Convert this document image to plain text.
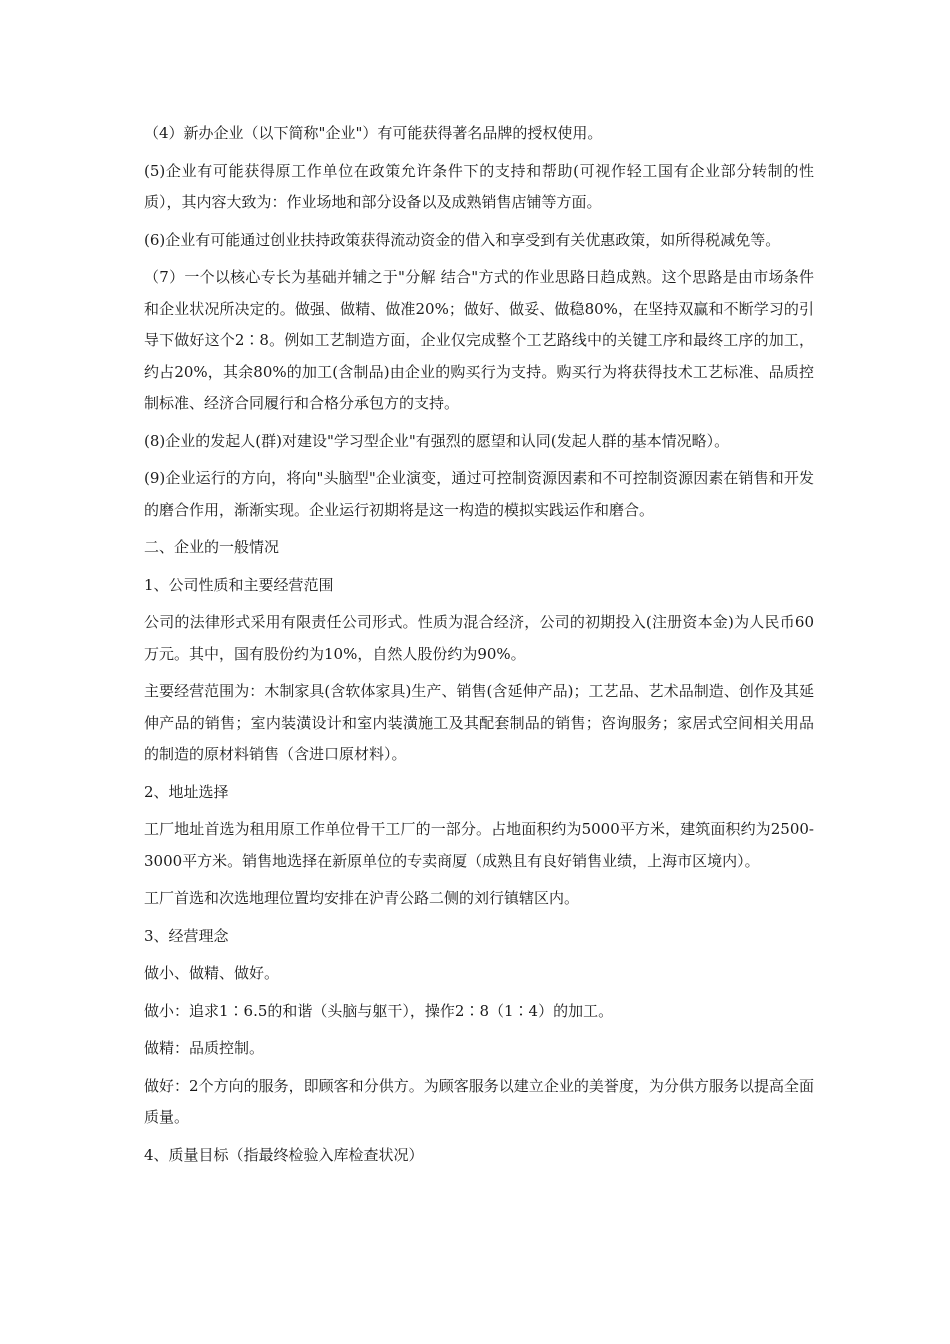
（4）新办企业（以下简称"企业"）有可能获得著名品牌的授权使用。

(5)企业有可能获得原工作单位在政策允许条件下的支持和帮助(可视作轻工国有企业部分转制的性质），其内容大致为：作业场地和部分设备以及成熟销售店铺等方面。

(6)企业有可能通过创业扶持政策获得流动资金的借入和享受到有关优惠政策，如所得税减免等。

（7）一个以核心专长为基础并辅之于"分解 结合"方式的作业思路日趋成熟。这个思路是由市场条件和企业状况所决定的。做强、做精、做准20%；做好、做妥、做稳80%，在坚持双赢和不断学习的引导下做好这个2∶8。例如工艺制造方面，企业仅完成整个工艺路线中的关键工序和最终工序的加工，约占20%，其余80%的加工(含制品)由企业的购买行为支持。购买行为将获得技术工艺标准、品质控制标准、经济合同履行和合格分承包方的支持。

(8)企业的发起人(群)对建设"学习型企业"有强烈的愿望和认同(发起人群的基本情况略）。

(9)企业运行的方向，将向"头脑型"企业演变，通过可控制资源因素和不可控制资源因素在销售和开发的磨合作用，渐渐实现。企业运行初期将是这一构造的模拟实践运作和磨合。

二、企业的一般情况

1、公司性质和主要经营范围

公司的法律形式采用有限责任公司形式。性质为混合经济，公司的初期投入(注册资本金)为人民币60万元。其中，国有股份约为10%，自然人股份约为90%。

主要经营范围为：木制家具(含软体家具)生产、销售(含延伸产品)；工艺品、艺术品制造、创作及其延伸产品的销售；室内装潢设计和室内装潢施工及其配套制品的销售；咨询服务；家居式空间相关用品的制造的原材料销售（含进口原材料）。

2、地址选择

工厂地址首选为租用原工作单位骨干工厂的一部分。占地面积约为5000平方米，建筑面积约为2500-3000平方米。销售地选择在新原单位的专卖商厦（成熟且有良好销售业绩，上海市区境内）。

工厂首选和次选地理位置均安排在沪青公路二侧的刘行镇辖区内。

3、经营理念

做小、做精、做好。

做小：追求1∶6.5的和谐（头脑与躯干），操作2∶8（1∶4）的加工。

做精：品质控制。

做好：2个方向的服务，即顾客和分供方。为顾客服务以建立企业的美誉度，为分供方服务以提高全面质量。

4、质量目标（指最终检验入库检查状况）
